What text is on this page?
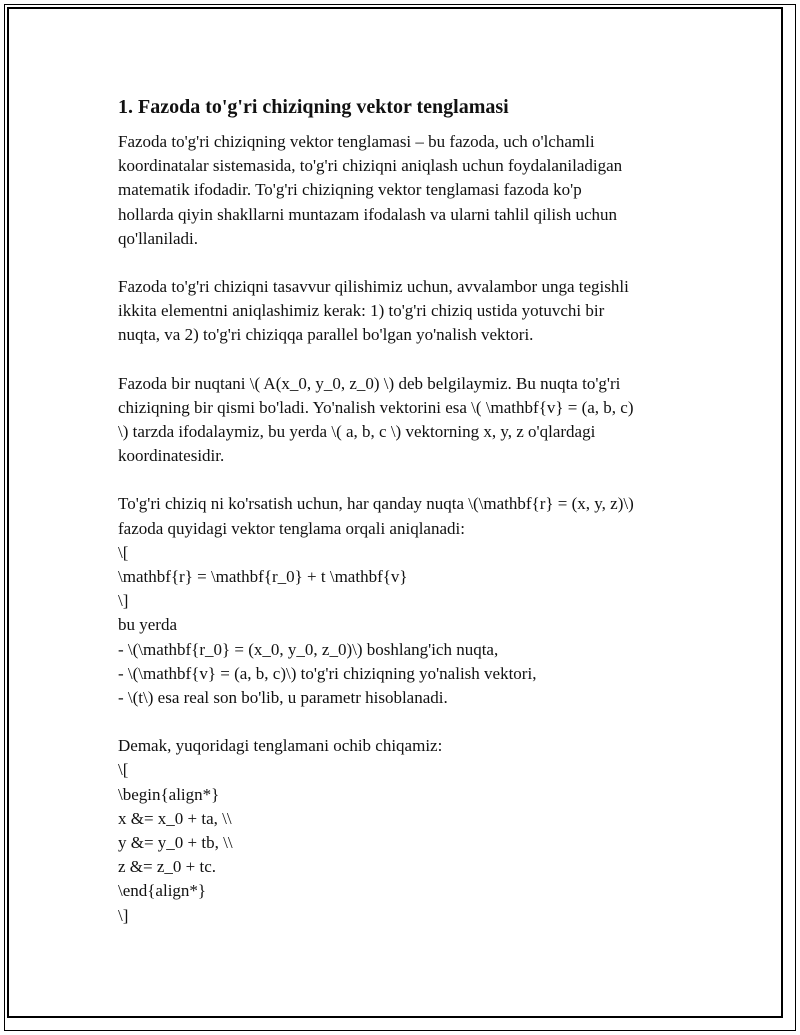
1. Fazoda to'g'ri chiziqning vektor tenglamasi
Fazoda to'g'ri chiziqning vektor tenglamasi – bu fazoda, uch o'lchamli
koordinatalar sistemasida, to'g'ri chiziqni aniqlash uchun foydalaniladigan
matematik ifodadir. To'g'ri chiziqning vektor tenglamasi fazoda ko'p
hollarda qiyin shakllarni muntazam ifodalash va ularni tahlil qilish uchun
qo'llaniladi.
Fazoda to'g'ri chiziqni tasavvur qilishimiz uchun, avvalambor unga tegishli
ikkita elementni aniqlashimiz kerak: 1) to'g'ri chiziq ustida yotuvchi bir
nuqta, va 2) to'g'ri chiziqqa parallel bo'lgan yo'nalish vektori.
Fazoda bir nuqtani \( A(x_0, y_0, z_0) \) deb belgilaymiz. Bu nuqta to'g'ri
chiziqning bir qismi bo'ladi. Yo'nalish vektorini esa \( \mathbf{v} = (a, b, c)
\) tarzda ifodalaymiz, bu yerda \( a, b, c \) vektorning x, y, z o'qlardagi
koordinatesidir.
To'g'ri chiziq ni ko'rsatish uchun, har qanday nuqta \(\mathbf{r} = (x, y, z)\)
fazoda quyidagi vektor tenglama orqali aniqlanadi:
\[
\mathbf{r} = \mathbf{r_0} + t \mathbf{v}
\]
bu yerda
- \(\mathbf{r_0} = (x_0, y_0, z_0)\) boshlang'ich nuqta,
- \(\mathbf{v} = (a, b, c)\) to'g'ri chiziqning yo'nalish vektori,
- \(t\) esa real son bo'lib, u parametr hisoblanadi.
Demak, yuqoridagi tenglamani ochib chiqamiz:
\[
\begin{align*}
x &= x_0 + ta, \\
y &= y_0 + tb, \\
z &= z_0 + tc.
\end{align*}
\]
